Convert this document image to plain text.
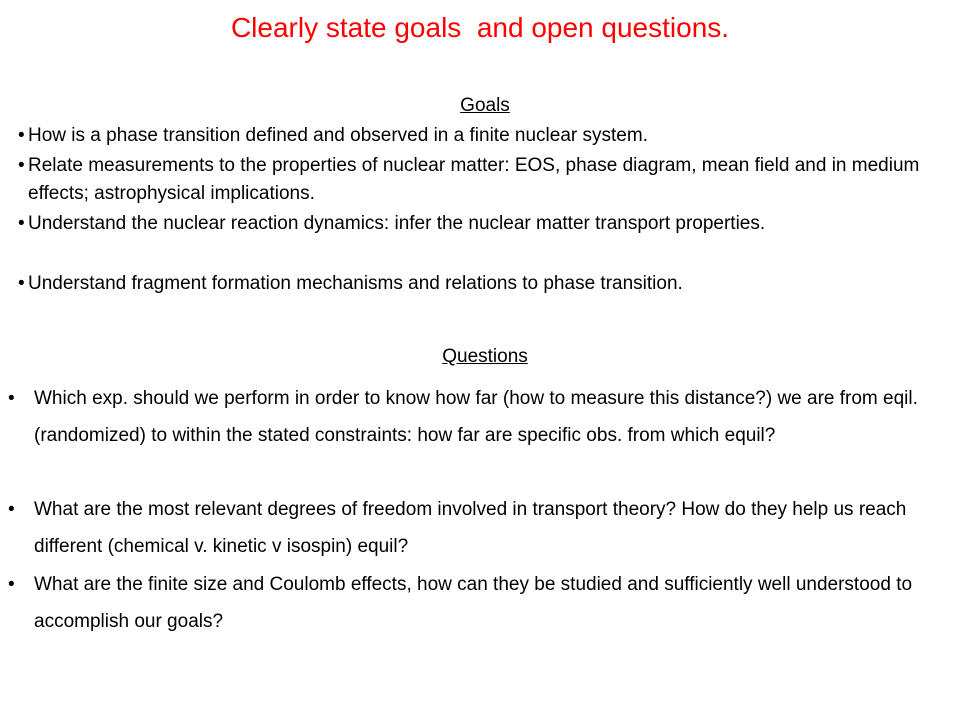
Clearly state goals  and open questions.
Goals
• How is a phase transition defined and observed in a finite nuclear system.
• Relate measurements to the properties of nuclear matter: EOS, phase diagram, mean field and in medium effects; astrophysical implications.
• Understand the nuclear reaction dynamics: infer the nuclear matter transport properties.
• Understand fragment formation mechanisms and relations to phase transition.
Questions
• Which exp. should we perform in order to know how far (how to measure this distance?) we are from eqil.(randomized) to within the stated constraints: how far are specific obs. from which equil?
• What are the most relevant degrees of freedom involved in transport theory? How do they help us reach different (chemical v. kinetic v isospin) equil?
• What are the finite size and Coulomb effects, how can they be studied and sufficiently well understood to accomplish our goals?
